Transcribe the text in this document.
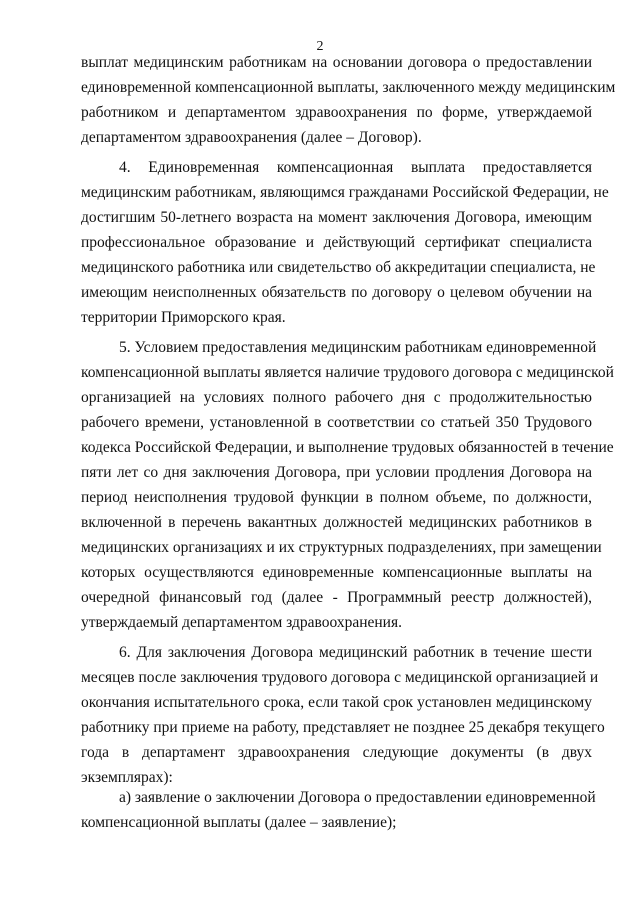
2
выплат медицинским работникам на основании договора о предоставлении
единовременной компенсационной выплаты, заключенного между медицинским
работником и департаментом здравоохранения по форме, утверждаемой
департаментом здравоохранения (далее – Договор).
4. Единовременная компенсационная выплата предоставляется
медицинским работникам, являющимся гражданами Российской Федерации, не
достигшим 50-летнего возраста на момент заключения Договора, имеющим
профессиональное образование и действующий сертификат специалиста
медицинского работника или свидетельство об аккредитации специалиста, не
имеющим неисполненных обязательств по договору о целевом обучении на
территории Приморского края.
5. Условием предоставления медицинским работникам единовременной
компенсационной выплаты является наличие трудового договора с медицинской
организацией на условиях полного рабочего дня с продолжительностью
рабочего времени, установленной в соответствии со статьей 350 Трудового
кодекса Российской Федерации, и выполнение трудовых обязанностей в течение
пяти лет со дня заключения Договора, при условии продления Договора на
период неисполнения трудовой функции в полном объеме, по должности,
включенной в перечень вакантных должностей медицинских работников в
медицинских организациях и их структурных подразделениях, при замещении
которых осуществляются единовременные компенсационные выплаты на
очередной финансовый год (далее - Программный реестр должностей),
утверждаемый департаментом здравоохранения.
6. Для заключения Договора медицинский работник в течение шести
месяцев после заключения трудового договора с медицинской организацией и
окончания испытательного срока, если такой срок установлен медицинскому
работнику при приеме на работу, представляет не позднее 25 декабря текущего
года в департамент здравоохранения следующие документы (в двух
экземплярах):
а) заявление о заключении Договора о предоставлении единовременной
компенсационной выплаты (далее – заявление);
